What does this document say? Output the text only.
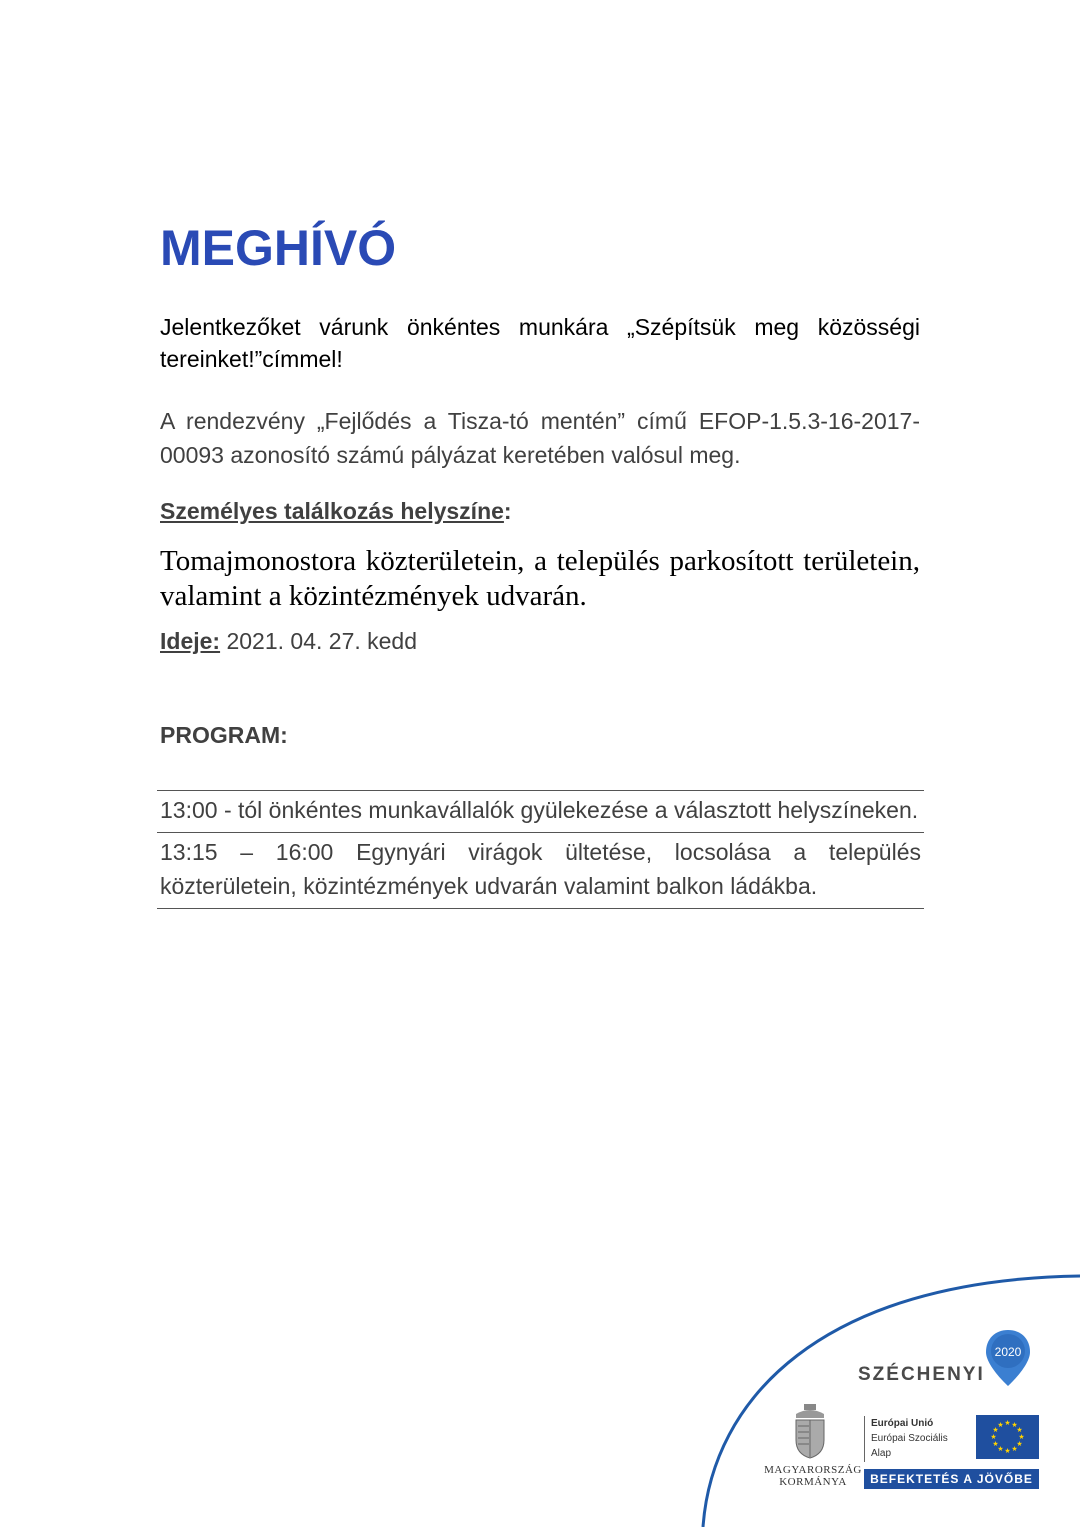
MEGHÍVÓ

Jelentkezőket várunk önkéntes munkára „Szépítsük meg közösségi tereinket!”címmel!

A rendezvény „Fejlődés a Tisza-tó mentén” című EFOP-1.5.3-16-2017-00093 azonosító számú pályázat keretében valósul meg.

Személyes találkozás helyszíne:

Tomajmonostora közterületein, a település parkosított területein, valamint a közintézmények udvarán.

Ideje: 2021. 04. 27. kedd

PROGRAM:

13:00 - tól önkéntes munkavállalók gyülekezése a választott helyszíneken.

13:15 – 16:00 Egynyári virágok ültetése, locsolása a település közterületein, közintézmények udvarán valamint balkon ládákba.
SZÉCHENYI
2020
MAGYARORSZÁG
KORMÁNYA
Európai Unió
Európai Szociális
Alap
★ ★
★
★
★
★
★
★
★
★
★
★
BEFEKTETÉS A JÖVŐBE
